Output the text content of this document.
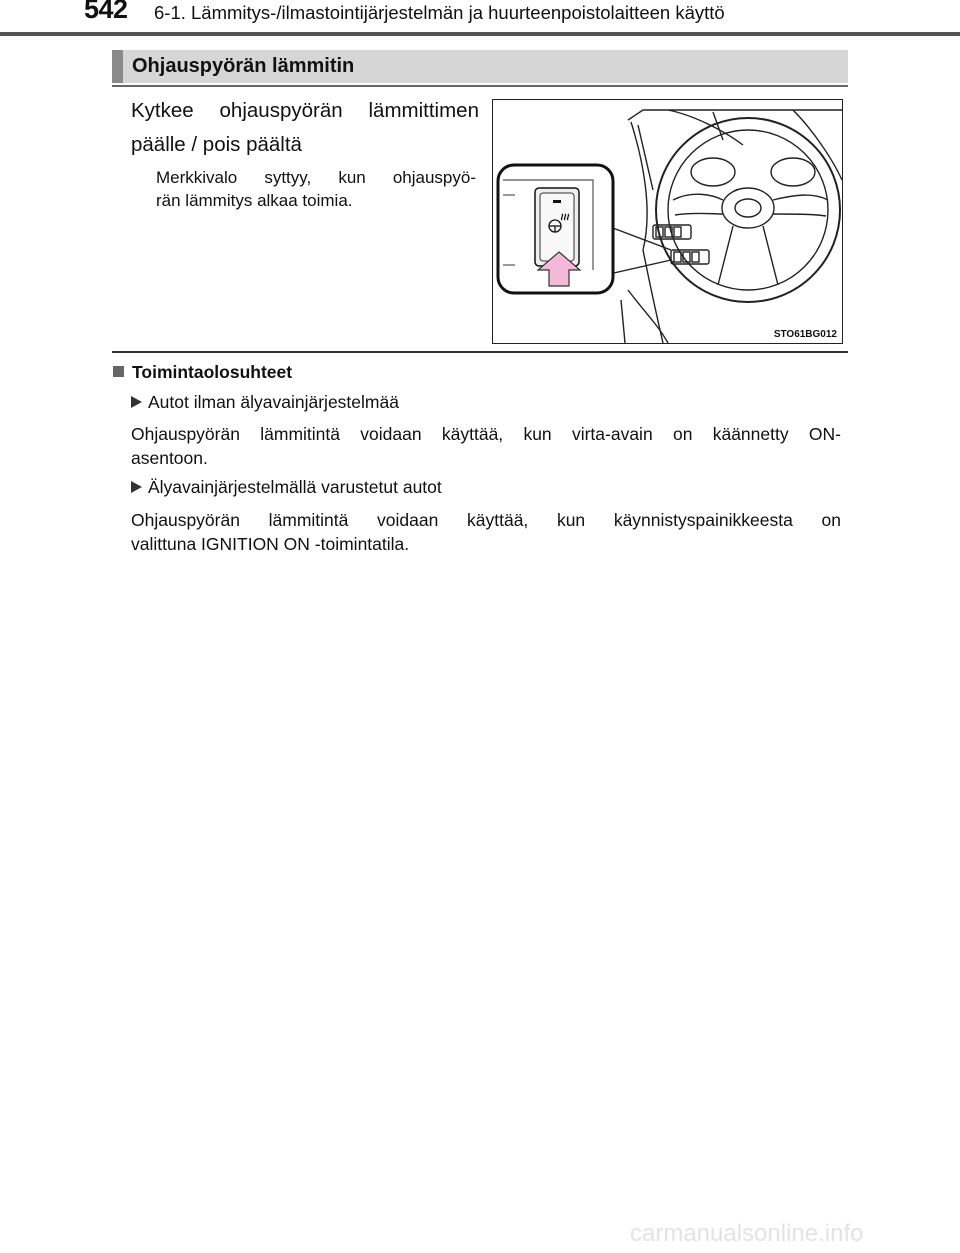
542 6-1. Lämmitys-/ilmastointijärjestelmän ja huurteenpoistolaitteen käyttö
Ohjauspyörän lämmitin
Kytkee ohjauspyörän lämmittimen
päälle / pois päältä
Merkkivalo syttyy, kun ohjauspyö-
rän lämmitys alkaa toimia.
STO61BG012
Toimintaolosuhteet
Autot ilman älyavainjärjestelmää
Ohjauspyörän lämmitintä voidaan käyttää, kun virta-avain on käännetty ON-
asentoon.
Älyavainjärjestelmällä varustetut autot
Ohjauspyörän lämmitintä voidaan käyttää, kun käynnistyspainikkeesta on
valittuna IGNITION ON -toimintatila.
carmanualsonline.info
